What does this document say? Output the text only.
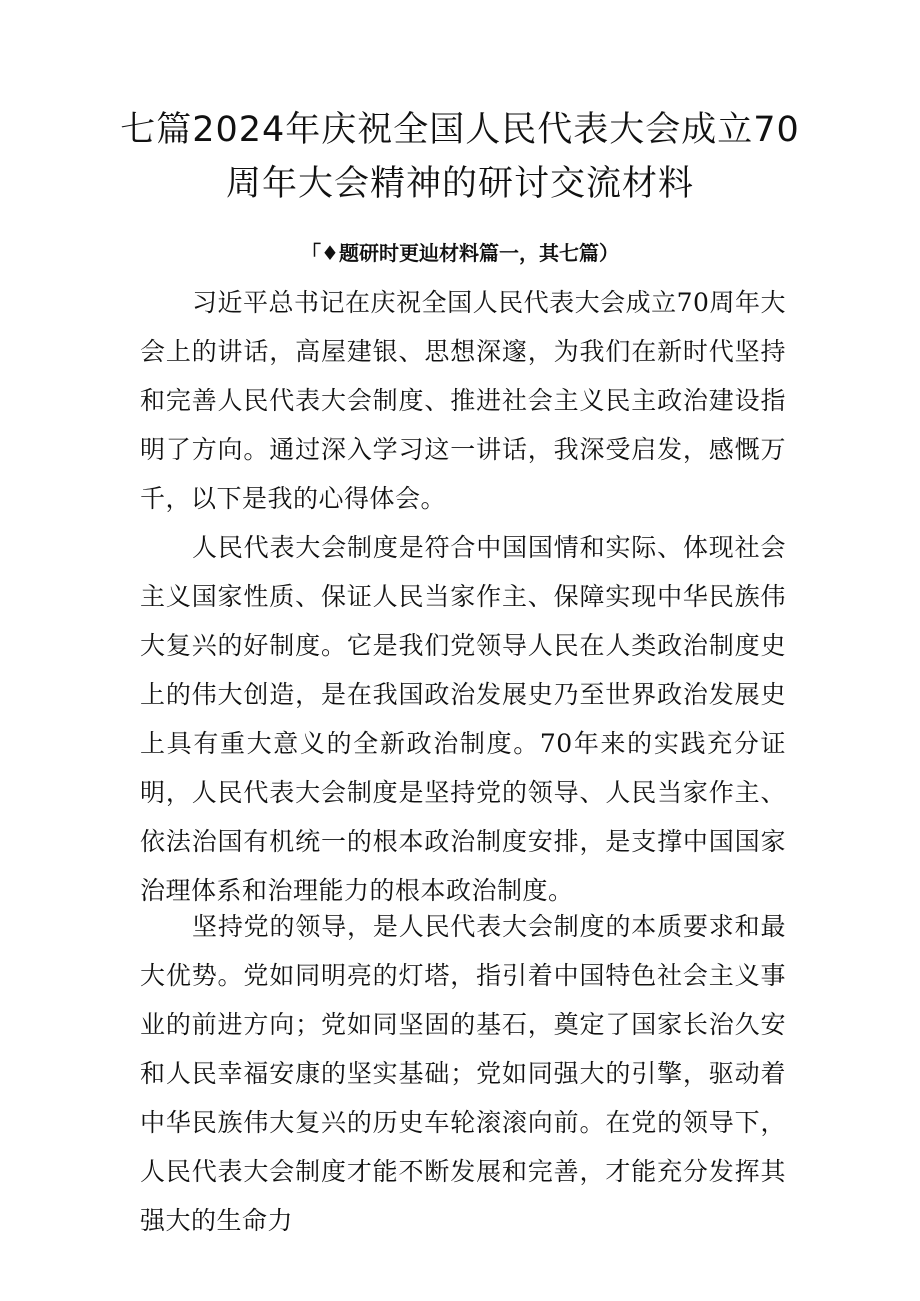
七篇2024年庆祝全国人民代表大会成立70
周年大会精神的研讨交流材料
「♦题研时更辿材料篇一，其七篇）

习近平总书记在庆祝全国人民代表大会成立70周年大会上的讲话，高屋建银、思想深邃，为我们在新时代坚持和完善人民代表大会制度、推进社会主义民主政治建设指明了方向。通过深入学习这一讲话，我深受启发，感慨万千，以下是我的心得体会。

人民代表大会制度是符合中国国情和实际、体现社会主义国家性质、保证人民当家作主、保障实现中华民族伟大复兴的好制度。它是我们党领导人民在人类政治制度史上的伟大创造，是在我国政治发展史乃至世界政治发展史上具有重大意义的全新政治制度。70年来的实践充分证明，人民代表大会制度是坚持党的领导、人民当家作主、依法治国有机统一的根本政治制度安排，是支撑中国国家治理体系和治理能力的根本政治制度。

坚持党的领导，是人民代表大会制度的本质要求和最大优势。党如同明亮的灯塔，指引着中国特色社会主义事业的前进方向；党如同坚固的基石，奠定了国家长治久安和人民幸福安康的坚实基础；党如同强大的引擎，驱动着中华民族伟大复兴的历史车轮滚滚向前。在党的领导下，人民代表大会制度才能不断发展和完善，才能充分发挥其强大的生命力
